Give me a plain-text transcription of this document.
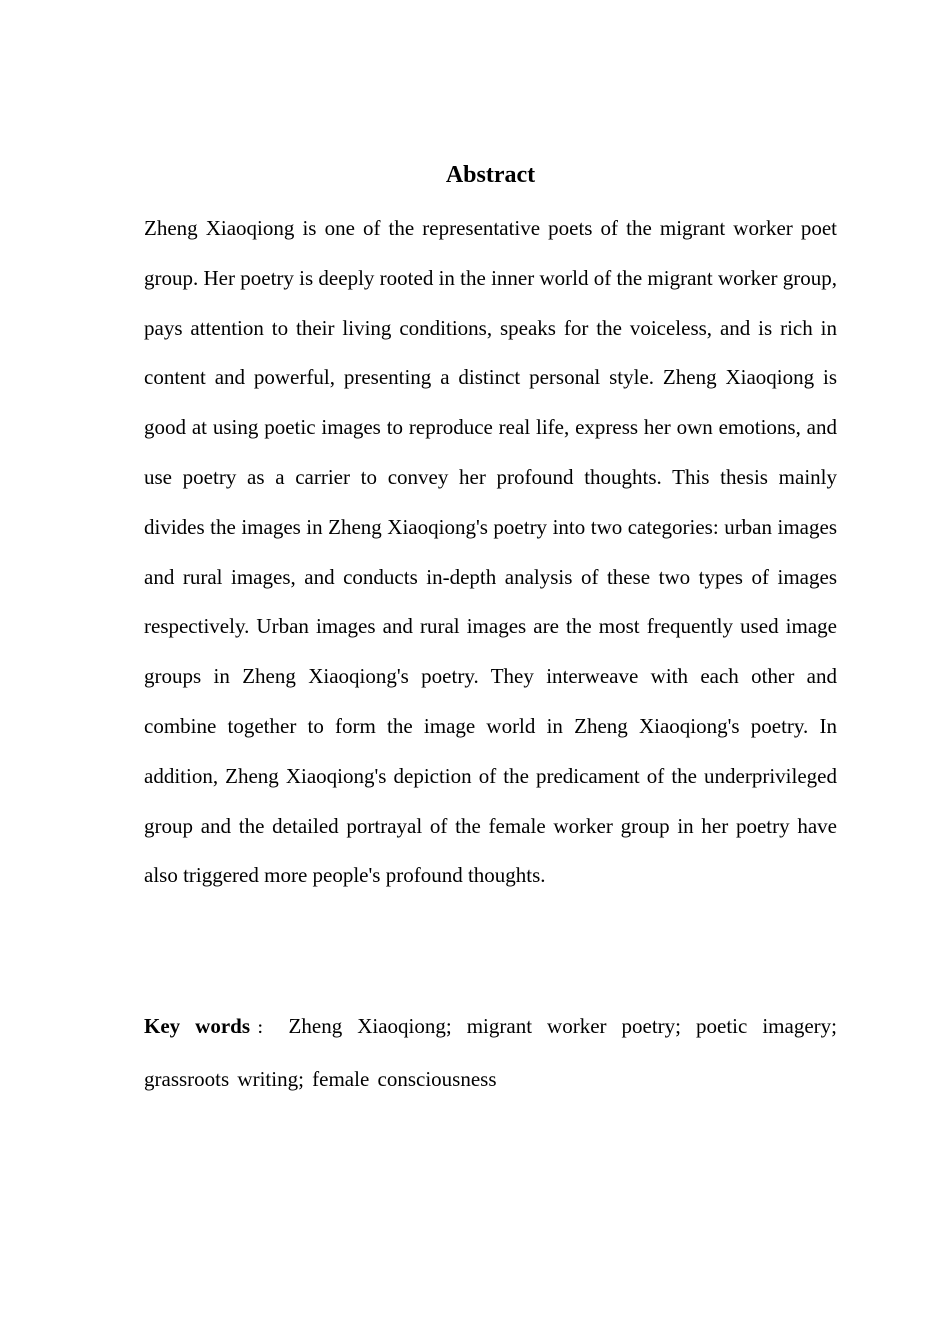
Abstract

Zheng Xiaoqiong is one of the representative poets of the migrant worker poet group. Her poetry is deeply rooted in the inner world of the migrant worker group, pays attention to their living conditions, speaks for the voiceless, and is rich in content and powerful, presenting a distinct personal style. Zheng Xiaoqiong is good at using poetic images to reproduce real life, express her own emotions, and use poetry as a carrier to convey her profound thoughts. This thesis mainly divides the images in Zheng Xiaoqiong's poetry into two categories: urban images and rural images, and conducts in-depth analysis of these two types of images respectively. Urban images and rural images are the most frequently used image groups in Zheng Xiaoqiong's poetry. They interweave with each other and combine together to form the image world in Zheng Xiaoqiong's poetry. In addition, Zheng Xiaoqiong's depiction of the predicament of the underprivileged group and the detailed portrayal of the female worker group in her poetry have also triggered more people's profound thoughts.

Key words： Zheng Xiaoqiong; migrant worker poetry; poetic imagery; grassroots writing; female consciousness
